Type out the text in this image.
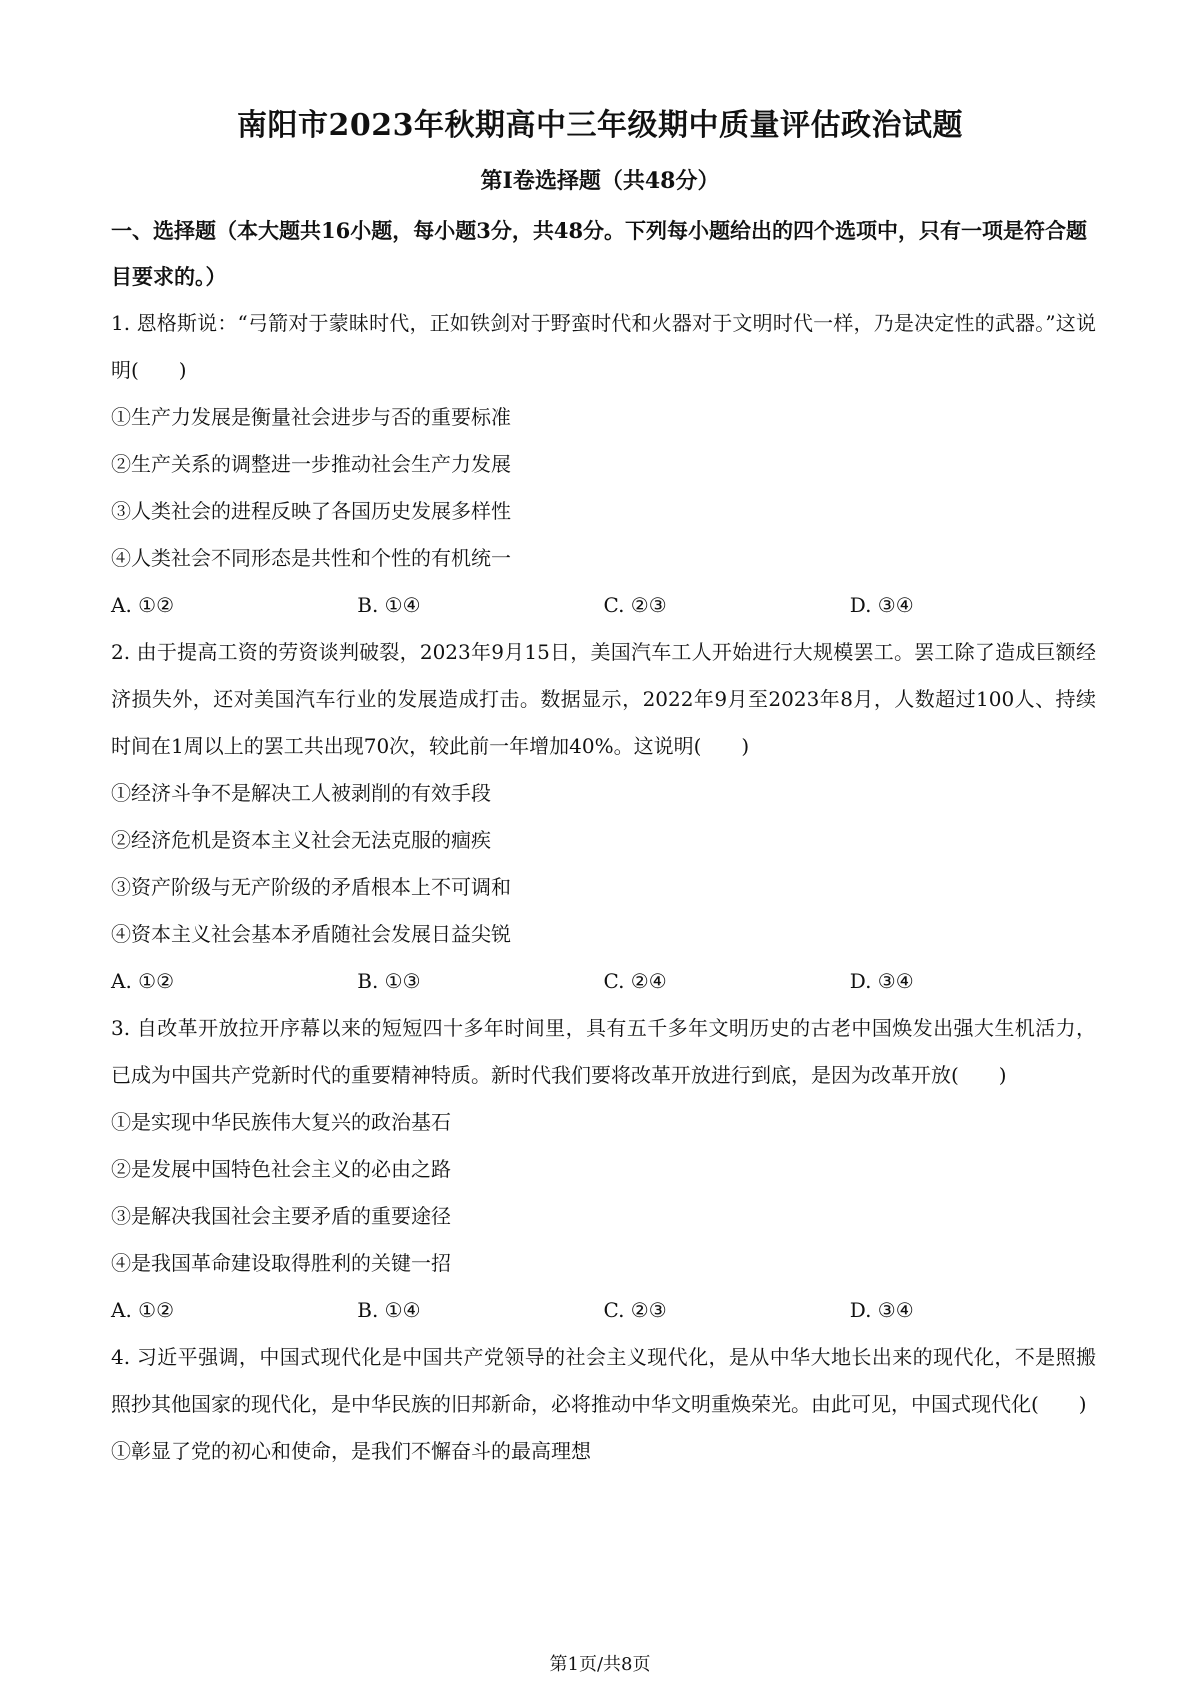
南阳市2023年秋期高中三年级期中质量评估政治试题
第Ⅰ卷选择题（共48分）
一、选择题（本大题共16小题，每小题3分，共48分。下列每小题给出的四个选项中，只有一项是符合题目要求的。）
1. 恩格斯说：“弓箭对于蒙昧时代，正如铁剑对于野蛮时代和火器对于文明时代一样，乃是决定性的武器。”这说明(　　)
①生产力发展是衡量社会进步与否的重要标准
②生产关系的调整进一步推动社会生产力发展
③人类社会的进程反映了各国历史发展多样性
④人类社会不同形态是共性和个性的有机统一
A. ①②	B. ①④	C. ②③	D. ③④
2. 由于提高工资的劳资谈判破裂，2023年9月15日，美国汽车工人开始进行大规模罢工。罢工除了造成巨额经济损失外，还对美国汽车行业的发展造成打击。数据显示，2022年9月至2023年8月，人数超过100人、持续时间在1周以上的罢工共出现70次，较此前一年增加40%。这说明(　　)
①经济斗争不是解决工人被剥削的有效手段
②经济危机是资本主义社会无法克服的痼疾
③资产阶级与无产阶级的矛盾根本上不可调和
④资本主义社会基本矛盾随社会发展日益尖锐
A. ①②	B. ①③	C. ②④	D. ③④
3. 自改革开放拉开序幕以来的短短四十多年时间里，具有五千多年文明历史的古老中国焕发出强大生机活力，已成为中国共产党新时代的重要精神特质。新时代我们要将改革开放进行到底，是因为改革开放(　　)
①是实现中华民族伟大复兴的政治基石
②是发展中国特色社会主义的必由之路
③是解决我国社会主要矛盾的重要途径
④是我国革命建设取得胜利的关键一招
A. ①②	B. ①④	C. ②③	D. ③④
4. 习近平强调，中国式现代化是中国共产党领导的社会主义现代化，是从中华大地长出来的现代化，不是照搬照抄其他国家的现代化，是中华民族的旧邦新命，必将推动中华文明重焕荣光。由此可见，中国式现代化(　　)
①彰显了党的初心和使命，是我们不懈奋斗的最高理想
第1页/共8页
